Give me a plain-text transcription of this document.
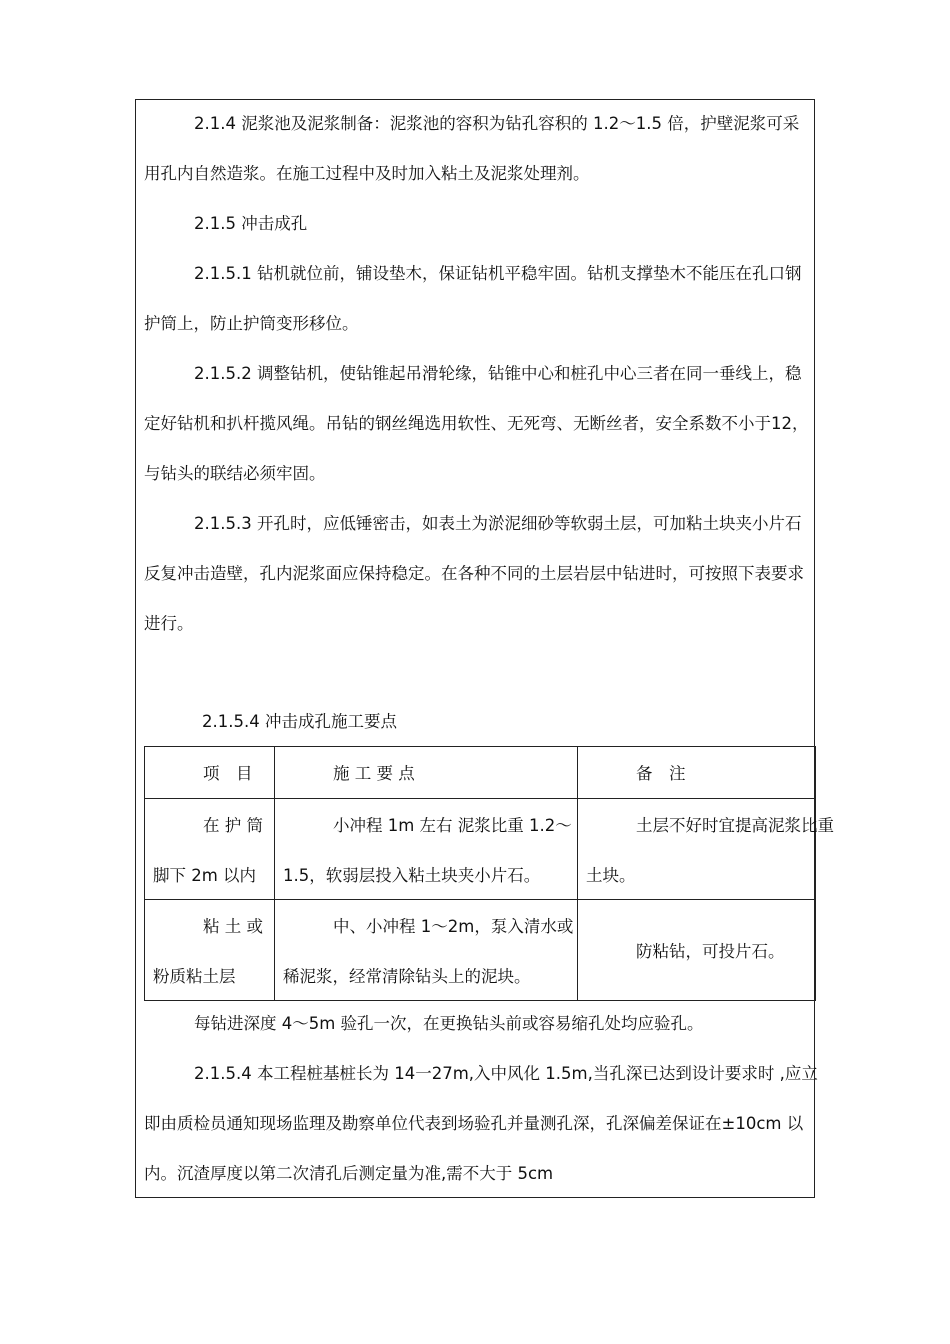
2.1.4 泥浆池及泥浆制备：泥浆池的容积为钻孔容积的 1.2～1.5 倍，护壁泥浆可采
用孔内自然造浆。在施工过程中及时加入粘土及泥浆处理剂。
2.1.5 冲击成孔
2.1.5.1 钻机就位前，铺设垫木，保证钻机平稳牢固。钻机支撑垫木不能压在孔口钢
护筒上，防止护筒变形移位。
2.1.5.2 调整钻机，使钻锥起吊滑轮缘，钻锥中心和桩孔中心三者在同一垂线上，稳
定好钻机和扒杆揽风绳。吊钻的钢丝绳选用软性、无死弯、无断丝者，安全系数不小于12，
与钻头的联结必须牢固。
2.1.5.3 开孔时，应低锤密击，如表土为淤泥细砂等软弱土层，可加粘土块夹小片石
反复冲击造壁，孔内泥浆面应保持稳定。在各种不同的土层岩层中钻进时，可按照下表要求
进行。
2.1.5.4 冲击成孔施工要点
项　目	施 工 要 点	备　注

在 护 筒
脚下 2m 以内	小冲程 1m 左右 泥浆比重 1.2～
1.5，软弱层投入粘土块夹小片石。	土层不好时宜提高泥浆比重
土块。

粘 土 或
粉质粘土层	中、小冲程 1～2m，泵入清水或
稀泥浆，经常清除钻头上的泥块。	防粘钻，可投片石。
每钻进深度 4～5m 验孔一次，在更换钻头前或容易缩孔处均应验孔。
2.1.5.4 本工程桩基桩长为 14一27m,入中风化 1.5m,当孔深已达到设计要求时 ,应立
即由质检员通知现场监理及勘察单位代表到场验孔并量测孔深，孔深偏差保证在±10cm 以
内。沉渣厚度以第二次清孔后测定量为准,需不大于 5cm
